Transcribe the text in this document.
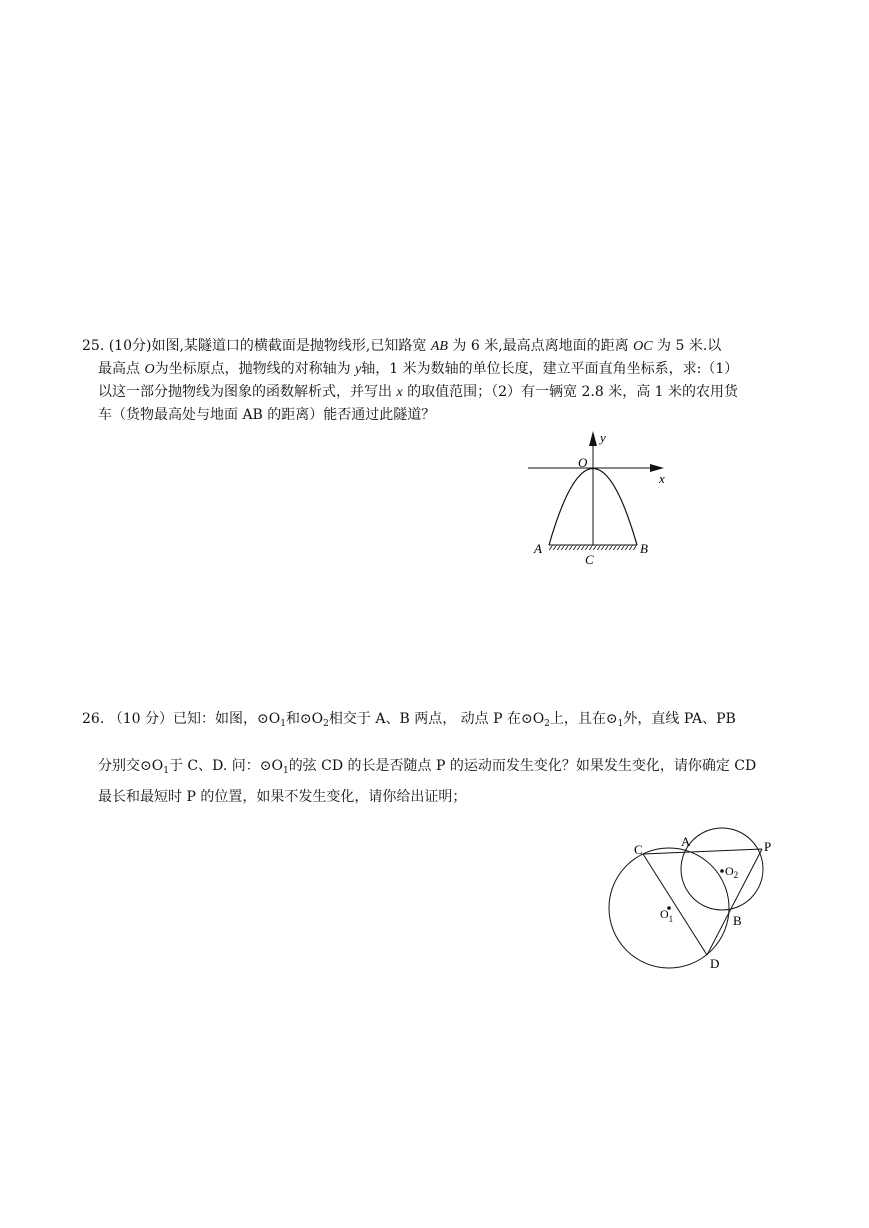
25. (10分)如图,某隧道口的横截面是抛物线形,已知路宽 AB 为 6 米,最高点离地面的距离 OC 为 5 米.以
最高点 O为坐标原点，抛物线的对称轴为 y轴，1 米为数轴的单位长度，建立平面直角坐标系，求:（1）
以这一部分抛物线为图象的函数解析式，并写出 x 的取值范围；（2）有一辆宽 2.8 米，高 1 米的农用货
车（货物最高处与地面 AB 的距离）能否通过此隧道？
y
x
O
A	B
C
26. （10 分）已知：如图，$⊙O_1$和$⊙O_2$相交于 A、B 两点， 动点 P 在$⊙O_2$上，且在$⊙_1$外，直线 PA、PB
分别交$⊙O_1$于 C、D. 问：$⊙O_1$的弦 CD 的长是否随点 P 的运动而发生变化？如果发生变化，请你确定 CD
最长和最短时 P 的位置，如果不发生变化，请你给出证明；
C
A	P
$O_2$
$O_1$	B
D
